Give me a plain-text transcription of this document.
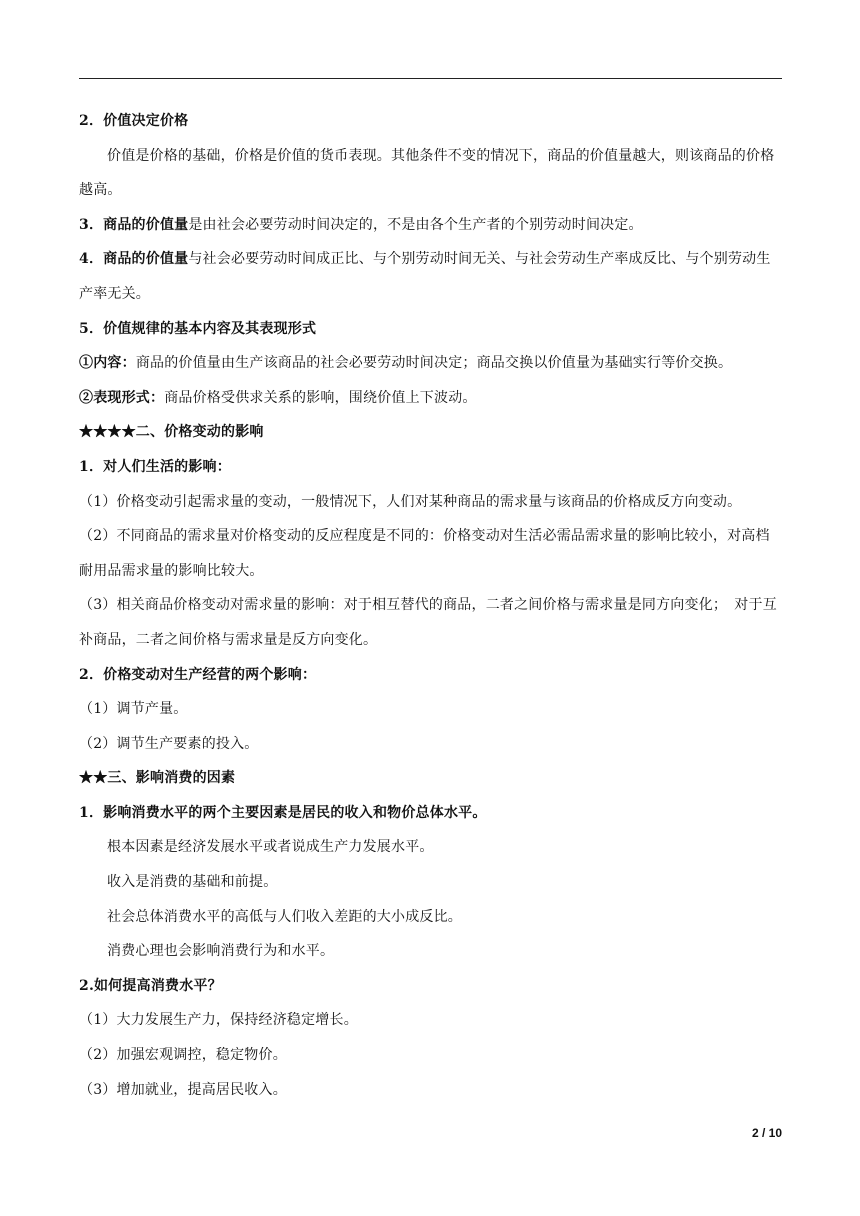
2．价值决定价格

价值是价格的基础，价格是价值的货币表现。其他条件不变的情况下，商品的价值量越大，则该商品的价格越高。

3．商品的价值量是由社会必要劳动时间决定的，不是由各个生产者的个别劳动时间决定。

4．商品的价值量与社会必要劳动时间成正比、与个别劳动时间无关、与社会劳动生产率成反比、与个别劳动生产率无关。

5．价值规律的基本内容及其表现形式

①内容：商品的价值量由生产该商品的社会必要劳动时间决定；商品交换以价值量为基础实行等价交换。

②表现形式：商品价格受供求关系的影响，围绕价值上下波动。

★★★★二、价格变动的影响

1．对人们生活的影响：

（1）价格变动引起需求量的变动，一般情况下，人们对某种商品的需求量与该商品的价格成反方向变动。

（2）不同商品的需求量对价格变动的反应程度是不同的：价格变动对生活必需品需求量的影响比较小，对高档耐用品需求量的影响比较大。

（3）相关商品价格变动对需求量的影响：对于相互替代的商品，二者之间价格与需求量是同方向变化；　对于互补商品，二者之间价格与需求量是反方向变化。

2．价格变动对生产经营的两个影响：

（1）调节产量。

（2）调节生产要素的投入。

★★三、影响消费的因素

1．影响消费水平的两个主要因素是居民的收入和物价总体水平。

根本因素是经济发展水平或者说成生产力发展水平。

收入是消费的基础和前提。

社会总体消费水平的高低与人们收入差距的大小成反比。

消费心理也会影响消费行为和水平。

2.如何提高消费水平？

（1）大力发展生产力，保持经济稳定增长。

（2）加强宏观调控，稳定物价。

（3）增加就业，提高居民收入。

2 / 10
